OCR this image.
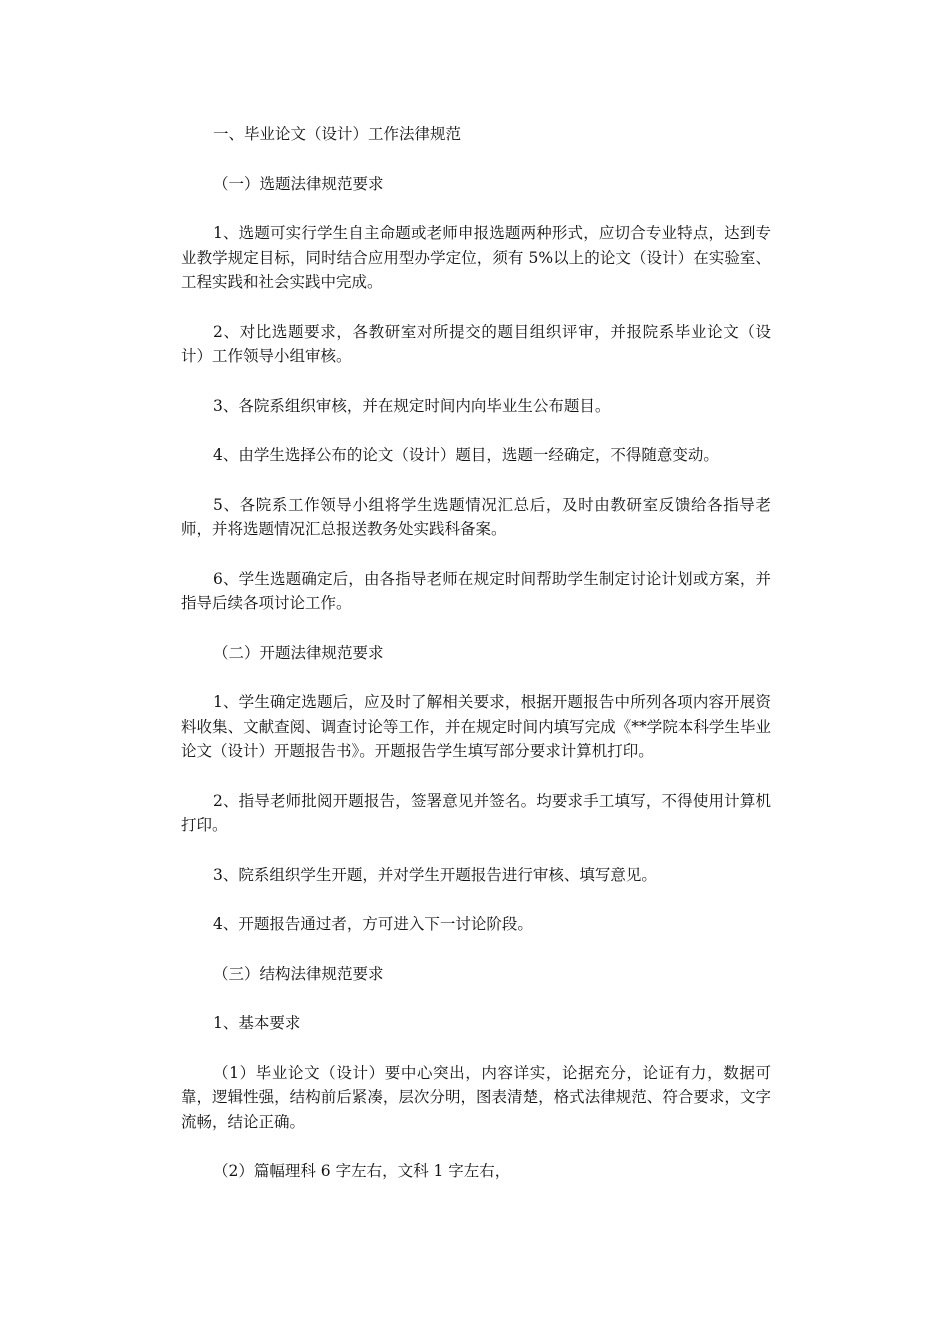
一、毕业论文（设计）工作法律规范

（一）选题法律规范要求

1、选题可实行学生自主命题或老师申报选题两种形式，应切合专业特点，达到专业教学规定目标，同时结合应用型办学定位，须有 5%以上的论文（设计）在实验室、工程实践和社会实践中完成。

2、对比选题要求，各教研室对所提交的题目组织评审，并报院系毕业论文（设计）工作领导小组审核。

3、各院系组织审核，并在规定时间内向毕业生公布题目。

4、由学生选择公布的论文（设计）题目，选题一经确定，不得随意变动。

5、各院系工作领导小组将学生选题情况汇总后，及时由教研室反馈给各指导老师，并将选题情况汇总报送教务处实践科备案。

6、学生选题确定后，由各指导老师在规定时间帮助学生制定讨论计划或方案，并指导后续各项讨论工作。

（二）开题法律规范要求

1、学生确定选题后，应及时了解相关要求，根据开题报告中所列各项内容开展资料收集、文献查阅、调查讨论等工作，并在规定时间内填写完成《**学院本科学生毕业论文（设计）开题报告书》。开题报告学生填写部分要求计算机打印。

2、指导老师批阅开题报告，签署意见并签名。均要求手工填写，不得使用计算机打印。

3、院系组织学生开题，并对学生开题报告进行审核、填写意见。

4、开题报告通过者，方可进入下一讨论阶段。

（三）结构法律规范要求

1、基本要求

（1）毕业论文（设计）要中心突出，内容详实，论据充分，论证有力，数据可靠，逻辑性强，结构前后紧凑，层次分明，图表清楚，格式法律规范、符合要求，文字流畅，结论正确。

（2）篇幅理科 6 字左右，文科 1 字左右，
